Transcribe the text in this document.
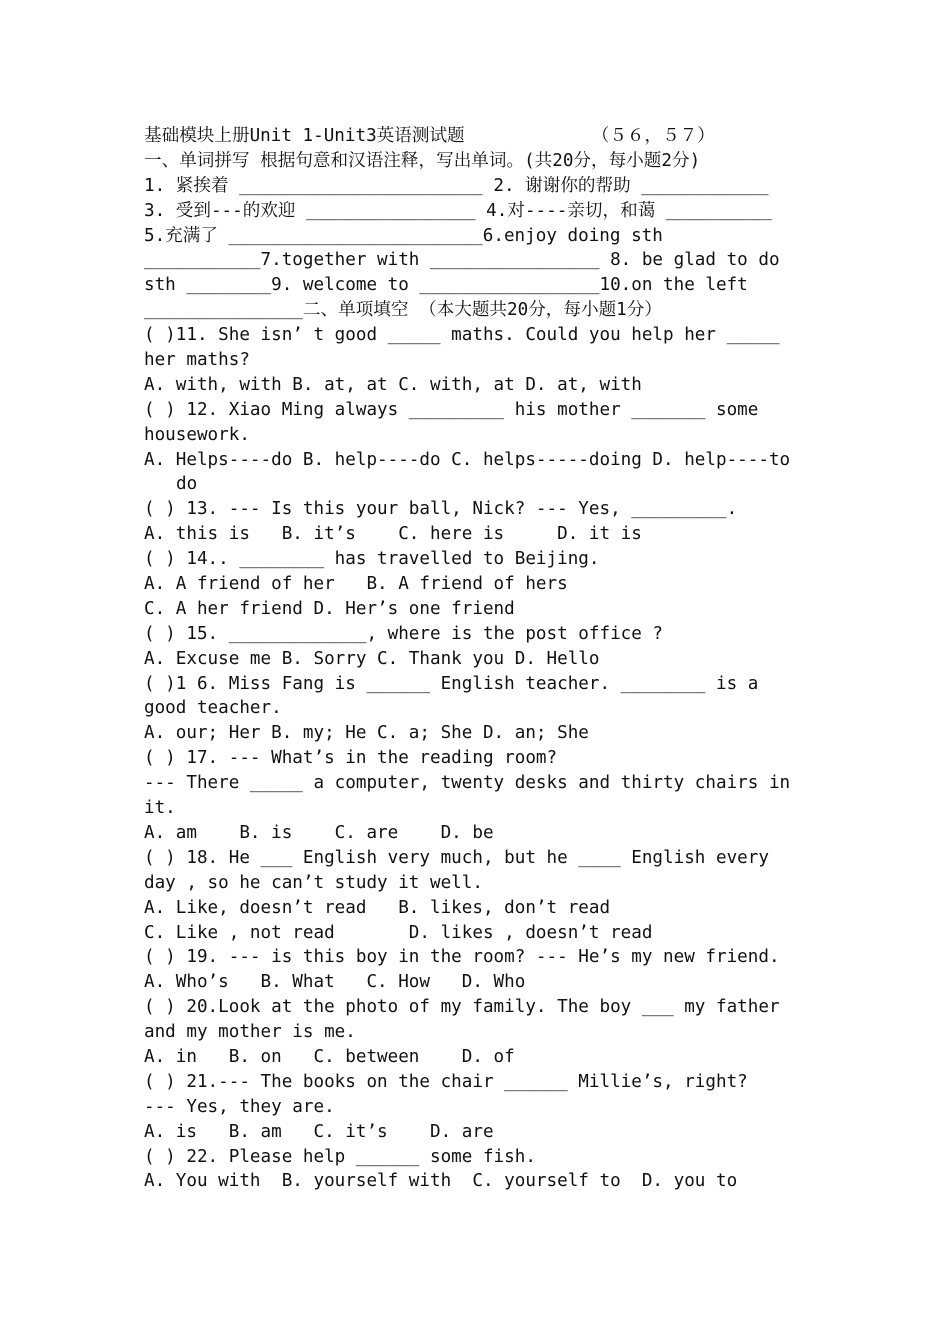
基础模块上册Unit 1-Unit3英语测试题            （５６，５７）
一、单词拼写 根据句意和汉语注释，写出单词。(共20分，每小题2分)
1. 紧挨着 _______________________ 2. 谢谢你的帮助 ____________
3. 受到---的欢迎 ________________ 4.对----亲切，和蔼 __________
5.充满了 ________________________6.enjoy doing sth
___________7.together with ________________ 8. be glad to do
sth ________9. welcome to _________________10.on the left
_______________二、单项填空 （本大题共20分，每小题1分）
( )11. She isn’ t good _____ maths. Could you help her _____
her maths?
A. with, with B. at, at C. with, at D. at, with
( ) 12. Xiao Ming always _________ his mother _______ some
housework.
A. Helps----do B. help----do C. helps-----doing D. help----to
do
( ) 13. --- Is this your ball, Nick? --- Yes, _________.
A. this is   B. it’s    C. here is     D. it is
( ) 14.. ________ has travelled to Beijing.
A. A friend of her   B. A friend of hers
C. A her friend D. Her’s one friend
( ) 15. _____________, where is the post office ?
A. Excuse me B. Sorry C. Thank you D. Hello
( )1 6. Miss Fang is ______ English teacher. ________ is a
good teacher.
A. our; Her B. my; He C. a; She D. an; She
( ) 17. --- What’s in the reading room?
--- There _____ a computer, twenty desks and thirty chairs in
it.
A. am    B. is    C. are    D. be
( ) 18. He ___ English very much, but he ____ English every
day , so he can’t study it well.
A. Like, doesn’t read   B. likes, don’t read
C. Like , not read       D. likes , doesn’t read
( ) 19. --- is this boy in the room? --- He’s my new friend.
A. Who’s   B. What   C. How   D. Who
( ) 20.Look at the photo of my family. The boy ___ my father
and my mother is me.
A. in   B. on   C. between    D. of
( ) 21.--- The books on the chair ______ Millie’s, right?
--- Yes, they are.
A. is   B. am   C. it’s    D. are
( ) 22. Please help ______ some fish.
A. You with  B. yourself with  C. yourself to  D. you to
